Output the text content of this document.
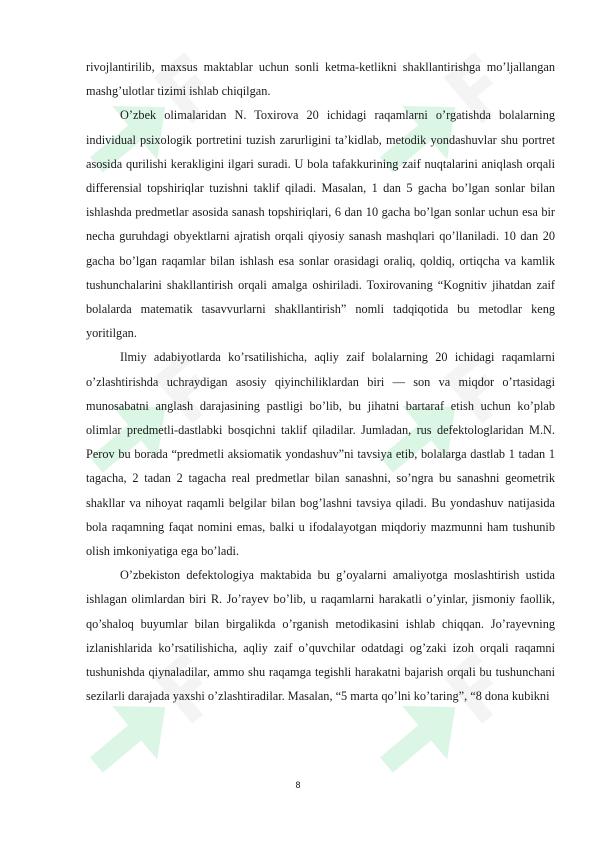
rivojlantirilib, maxsus maktablar uchun sonli ketma-ketlikni shakllantirishga mo’ljallangan mashg’ulotlar tizimi ishlab chiqilgan.

O’zbek olimalaridan N. Toxirova 20 ichidagi raqamlarni o’rgatishda bolalarning individual psixologik portretini tuzish zarurligini ta’kidlab, metodik yondashuvlar shu portret asosida qurilishi kerakligini ilgari suradi. U bola tafakkurining zaif nuqtalarini aniqlash orqali differensial topshiriqlar tuzishni taklif qiladi. Masalan, 1 dan 5 gacha bo’lgan sonlar bilan ishlashda predmetlar asosida sanash topshiriqlari, 6 dan 10 gacha bo’lgan sonlar uchun esa bir necha guruhdagi obyektlarni ajratish orqali qiyosiy sanash mashqlari qo’llaniladi. 10 dan 20 gacha bo’lgan raqamlar bilan ishlash esa sonlar orasidagi oraliq, qoldiq, ortiqcha va kamlik tushunchalarini shakllantirish orqali amalga oshiriladi. Toxirovaning “Kognitiv jihatdan zaif bolalarda matematik tasavvurlarni shakllantirish” nomli tadqiqotida bu metodlar keng yoritilgan.

Ilmiy adabiyotlarda ko’rsatilishicha, aqliy zaif bolalarning 20 ichidagi raqamlarni o’zlashtirishda uchraydigan asosiy qiyinchiliklardan biri — son va miqdor o’rtasidagi munosabatni anglash darajasining pastligi bo’lib, bu jihatni bartaraf etish uchun ko’plab olimlar predmetli-dastlabki bosqichni taklif qiladilar. Jumladan, rus defektologlaridan M.N. Perov bu borada “predmetli aksiomatik yondashuv”ni tavsiya etib, bolalarga dastlab 1 tadan 1 tagacha, 2 tadan 2 tagacha real predmetlar bilan sanashni, so’ngra bu sanashni geometrik shakllar va nihoyat raqamli belgilar bilan bog’lashni tavsiya qiladi. Bu yondashuv natijasida bola raqamning faqat nomini emas, balki u ifodalayotgan miqdoriy mazmunni ham tushunib olish imkoniyatiga ega bo’ladi.

O’zbekiston defektologiya maktabida bu g’oyalarni amaliyotga moslashtirish ustida ishlagan olimlardan biri R. Jo’rayev bo’lib, u raqamlarni harakatli o’yinlar, jismoniy faollik, qo’shaloq buyumlar bilan birgalikda o’rganish metodikasini ishlab chiqqan. Jo’rayevning izlanishlarida ko’rsatilishicha, aqliy zaif o’quvchilar odatdagi og’zaki izoh orqali raqamni tushunishda qiynaladilar, ammo shu raqamga tegishli harakatni bajarish orqali bu tushunchani sezilarli darajada yaxshi o’zlashtiradilar. Masalan, “5 marta qo’lni ko’taring”, “8 dona kubikni

8
